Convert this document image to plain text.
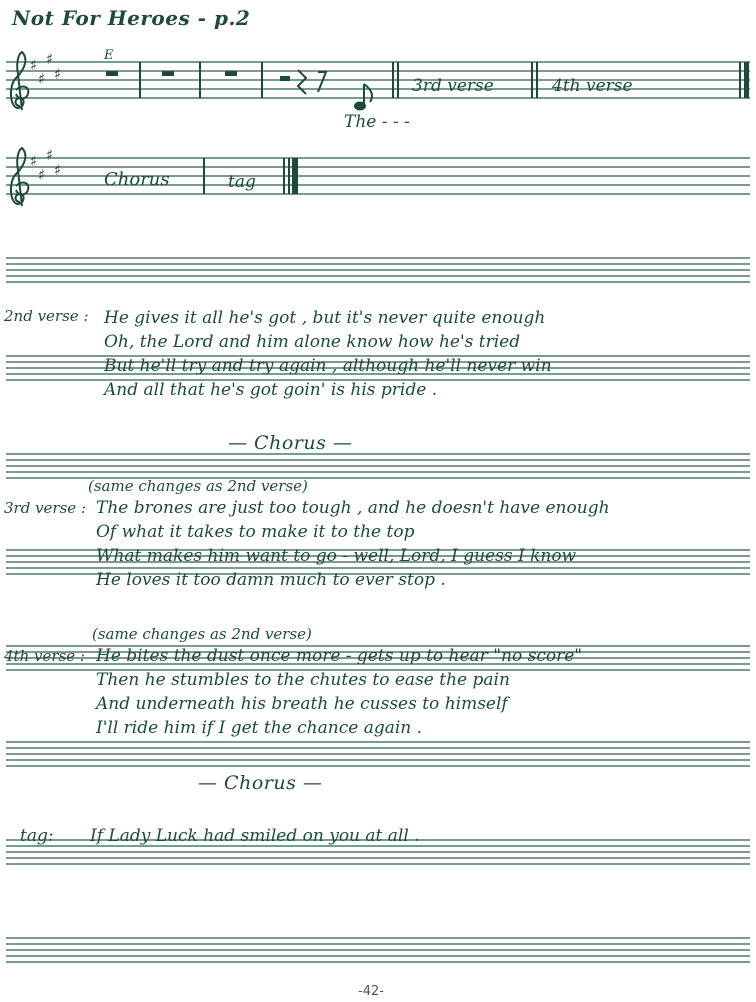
Not For Heroes - p.2
♯
♯
♯
♯
♯
♯
♯
♯
E
The - - -
3rd verse	4th verse
Chorus	tag
2nd verse : He gives it all he's got , but it's never quite enough
Oh, the Lord and him alone know how he's tried
But he'll try and try again , although he'll never win
And all that he's got goin' is his pride .
— Chorus —
(same changes as 2nd verse)
3rd verse : The brones are just too tough , and he doesn't have enough
Of what it takes to make it to the top
What makes him want to go - well, Lord, I guess I know
He loves it too damn much to ever stop .
(same changes as 2nd verse)
4th verse : He bites the dust once more - gets up to hear "no score"
Then he stumbles to the chutes to ease the pain
And underneath his breath he cusses to himself
I'll ride him if I get the chance again .
— Chorus —
tag: If Lady Luck had smiled on you at all .
-42-
